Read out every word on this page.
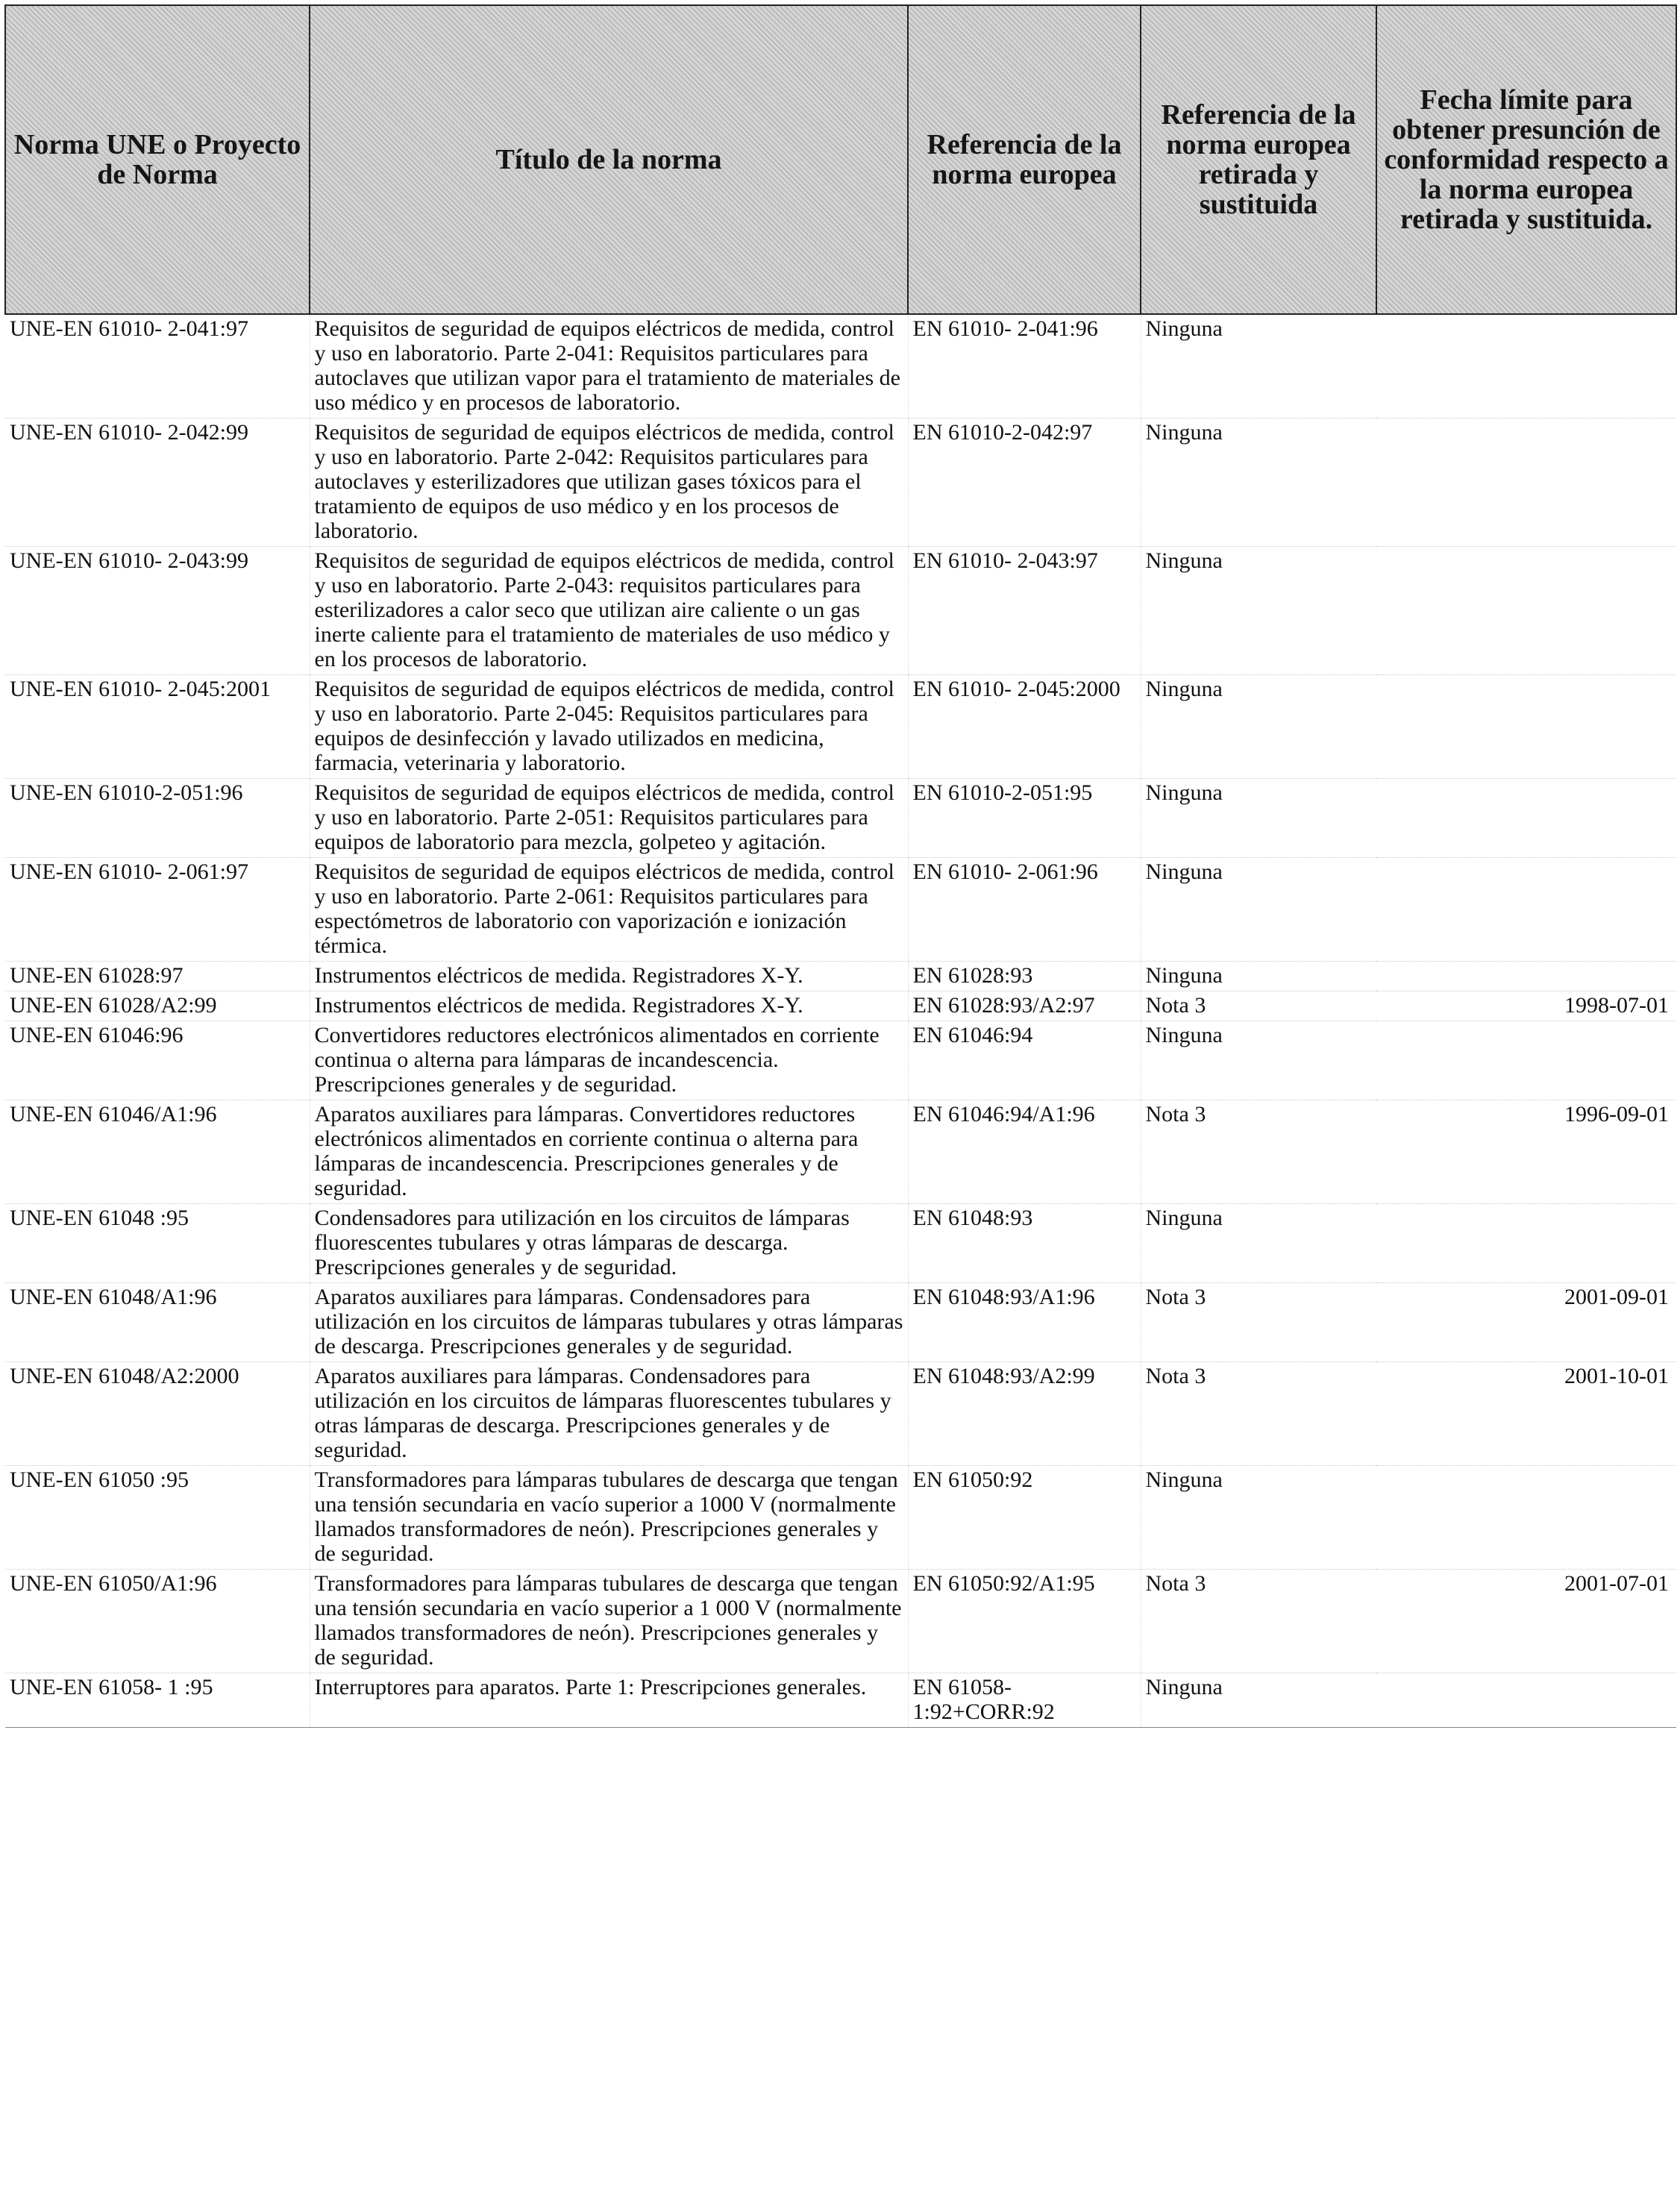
Norma UNE o Proyecto de Norma	Título de la norma	Referencia de la norma europea	Referencia de la norma europea retirada y sustituida	Fecha límite para obtener presunción de conformidad respecto a la norma europea retirada y sustituida.
UNE-EN 61010- 2-041:97	Requisitos de seguridad de equipos eléctricos de medida, control y uso en laboratorio. Parte 2-041: Requisitos particulares para autoclaves que utilizan vapor para el tratamiento de materiales de uso médico y en procesos de laboratorio.	EN 61010- 2-041:96	Ninguna	
UNE-EN 61010- 2-042:99	Requisitos de seguridad de equipos eléctricos de medida, control y uso en laboratorio. Parte 2-042: Requisitos particulares para autoclaves y esterilizadores que utilizan gases tóxicos para el tratamiento de equipos de uso médico y en los procesos de laboratorio.	EN 61010-2-042:97	Ninguna	
UNE-EN 61010- 2-043:99	Requisitos de seguridad de equipos eléctricos de medida, control y uso en laboratorio. Parte 2-043: requisitos particulares para esterilizadores a calor seco que utilizan aire caliente o un gas inerte caliente para el tratamiento de materiales de uso médico y en los procesos de laboratorio.	EN 61010- 2-043:97	Ninguna	
UNE-EN 61010- 2-045:2001	Requisitos de seguridad de equipos eléctricos de medida, control y uso en laboratorio. Parte 2-045: Requisitos particulares para equipos de desinfección y lavado utilizados en medicina, farmacia, veterinaria y laboratorio.	EN 61010- 2-045:2000	Ninguna	
UNE-EN 61010-2-051:96	Requisitos de seguridad de equipos eléctricos de medida, control y uso en laboratorio. Parte 2-051: Requisitos particulares para equipos de laboratorio para mezcla, golpeteo y agitación.	EN 61010-2-051:95	Ninguna	
UNE-EN 61010- 2-061:97	Requisitos de seguridad de equipos eléctricos de medida, control y uso en laboratorio. Parte 2-061: Requisitos particulares para espectómetros de laboratorio con vaporización e ionización térmica.	EN 61010- 2-061:96	Ninguna	
UNE-EN 61028:97	Instrumentos eléctricos de medida. Registradores X-Y.	EN 61028:93	Ninguna	
UNE-EN 61028/A2:99	Instrumentos eléctricos de medida. Registradores X-Y.	EN 61028:93/A2:97	Nota 3	1998-07-01
UNE-EN 61046:96	Convertidores reductores electrónicos alimentados en corriente continua o alterna para lámparas de incandescencia. Prescripciones generales y de seguridad.	EN 61046:94	Ninguna	
UNE-EN 61046/A1:96	Aparatos auxiliares para lámparas. Convertidores reductores electrónicos alimentados en corriente continua o alterna para lámparas de incandescencia. Prescripciones generales y de seguridad.	EN 61046:94/A1:96	Nota 3	1996-09-01
UNE-EN 61048 :95	Condensadores para utilización en los circuitos de lámparas fluorescentes tubulares y otras lámparas de descarga. Prescripciones generales y de seguridad.	EN 61048:93	Ninguna	
UNE-EN 61048/A1:96	Aparatos auxiliares para lámparas. Condensadores para utilización en los circuitos de lámparas tubulares y otras lámparas de descarga. Prescripciones generales y de seguridad.	EN 61048:93/A1:96	Nota 3	2001-09-01
UNE-EN 61048/A2:2000	Aparatos auxiliares para lámparas. Condensadores para utilización en los circuitos de lámparas fluorescentes tubulares y otras lámparas de descarga. Prescripciones generales y de seguridad.	EN 61048:93/A2:99	Nota 3	2001-10-01
UNE-EN 61050 :95	Transformadores para lámparas tubulares de descarga que tengan una tensión secundaria en vacío superior a 1000 V (normalmente llamados transformadores de neón). Prescripciones generales y de seguridad.	EN 61050:92	Ninguna	
UNE-EN 61050/A1:96	Transformadores para lámparas tubulares de descarga que tengan una tensión secundaria en vacío superior a 1 000 V (normalmente llamados transformadores de neón). Prescripciones generales y de seguridad.	EN 61050:92/A1:95	Nota 3	2001-07-01
UNE-EN 61058- 1 :95	Interruptores para aparatos. Parte 1: Prescripciones generales.	EN 61058- 1:92+CORR:92	Ninguna	
